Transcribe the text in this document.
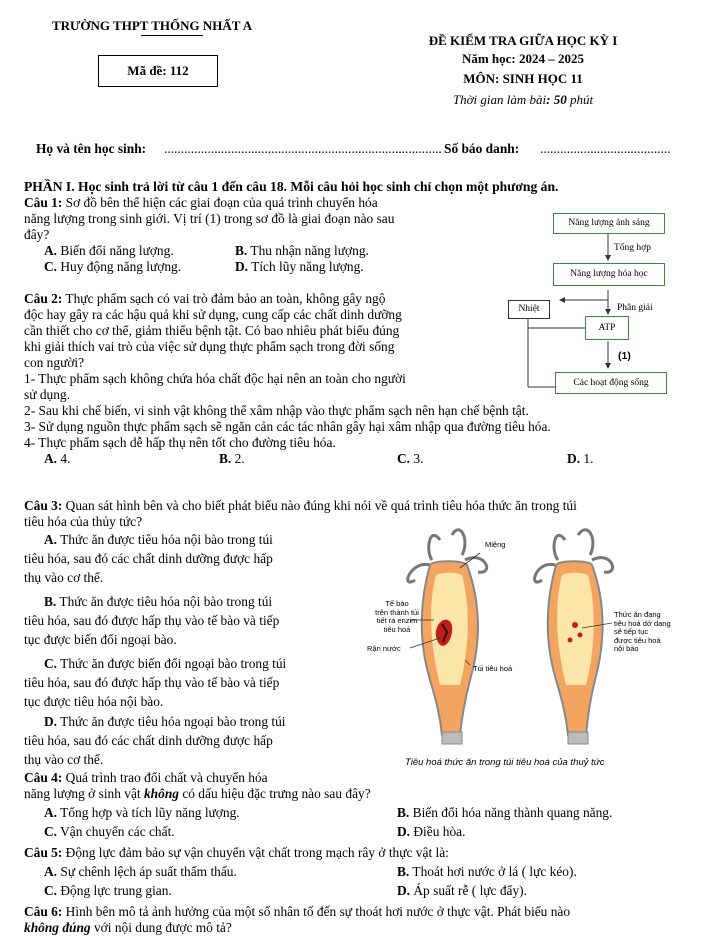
TRƯỜNG THPT THỐNG NHẤT A
Mã đề: 112
ĐỀ KIỂM TRA GIỮA HỌC KỲ I
Năm học: 2024 – 2025
MÔN: SINH HỌC 11
Thời gian làm bài: 50 phút
Họ và tên học sinh: ................................................................................... Số báo danh: .......................................
PHẦN I. Học sinh trả lời từ câu 1 đến câu 18. Mỗi câu hỏi học sinh chỉ chọn một phương án.
Câu 1: Sơ đồ bên thể hiện các giai đoạn của quá trình chuyển hóa
năng lượng trong sinh giới. Vị trí (1) trong sơ đồ là giai đoạn nào sau
đây?
A. Biến đổi năng lượng.	B. Thu nhận năng lượng.
C. Huy động năng lượng.	D. Tích lũy năng lượng.
Năng lượng ánh sáng
Tổng hợp
Năng lượng hóa học
Nhiệt	Phân giải
ATP
(1)
Các hoạt động sống
Câu 2: Thực phẩm sạch có vai trò đảm bảo an toàn, không gây ngộ
độc hay gây ra các hậu quả khi sử dụng, cung cấp các chất dinh dưỡng
cần thiết cho cơ thể, giảm thiểu bệnh tật. Có bao nhiêu phát biểu đúng
khi giải thích vai trò của việc sử dụng thực phẩm sạch trong đời sống
con người?
1- Thực phẩm sạch không chứa hóa chất độc hại nên an toàn cho người
sử dụng.
2- Sau khi chế biến, vi sinh vật không thể xâm nhập vào thực phẩm sạch nên hạn chế bệnh tật.
3- Sử dụng nguồn thực phẩm sạch sẽ ngăn cản các tác nhân gây hại xâm nhập qua đường tiêu hóa.
4- Thực phẩm sạch dễ hấp thụ nên tốt cho đường tiêu hóa.
A. 4.	B. 2.	C. 3.	D. 1.
Câu 3: Quan sát hình bên và cho biết phát biểu nào đúng khi nói về quá trình tiêu hóa thức ăn trong túi
tiêu hóa của thủy tức?
A. Thức ăn được tiêu hóa nội bào trong túi
tiêu hóa, sau đó các chất dinh dưỡng được hấp
thụ vào cơ thể.
B. Thức ăn được tiêu hóa nội bào trong túi
tiêu hóa, sau đó được hấp thụ vào tế bào và tiếp
tục được biến đổi ngoại bào.
C. Thức ăn được biến đổi ngoại bào trong túi
tiêu hóa, sau đó được hấp thụ vào tế bào và tiếp
tục được tiêu hóa nội bào.
D. Thức ăn được tiêu hóa ngoại bào trong túi
tiêu hóa, sau đó các chất dinh dưỡng được hấp
thụ vào cơ thể.
Miệng
Tế bào
trên thành túi
tiết ra enzim
tiêu hoá
Rận nước
Túi tiêu hoá
Thức ăn đang
tiêu hoá dở dang
sẽ tiếp tục
được tiêu hoá
nội bào
Tiêu hoá thức ăn trong túi tiêu hoá của thuỷ tức
Câu 4: Quá trình trao đổi chất và chuyển hóa
năng lượng ở sinh vật không có dấu hiệu đặc trưng nào sau đây?
A. Tổng hợp và tích lũy năng lượng.	B. Biến đổi hóa năng thành quang năng.
C. Vận chuyển các chất.	D. Điều hòa.
Câu 5: Động lực đảm bảo sự vận chuyển vật chất trong mạch rây ở thực vật là:
A. Sự chênh lệch áp suất thẩm thấu.	B. Thoát hơi nước ở lá ( lực kéo).
C. Động lực trung gian.	D. Áp suất rễ ( lực đẩy).
Câu 6: Hình bên mô tả ảnh hưởng của một số nhân tố đến sự thoát hơi nước ở thực vật. Phát biểu nào
không đúng với nội dung được mô tả?
